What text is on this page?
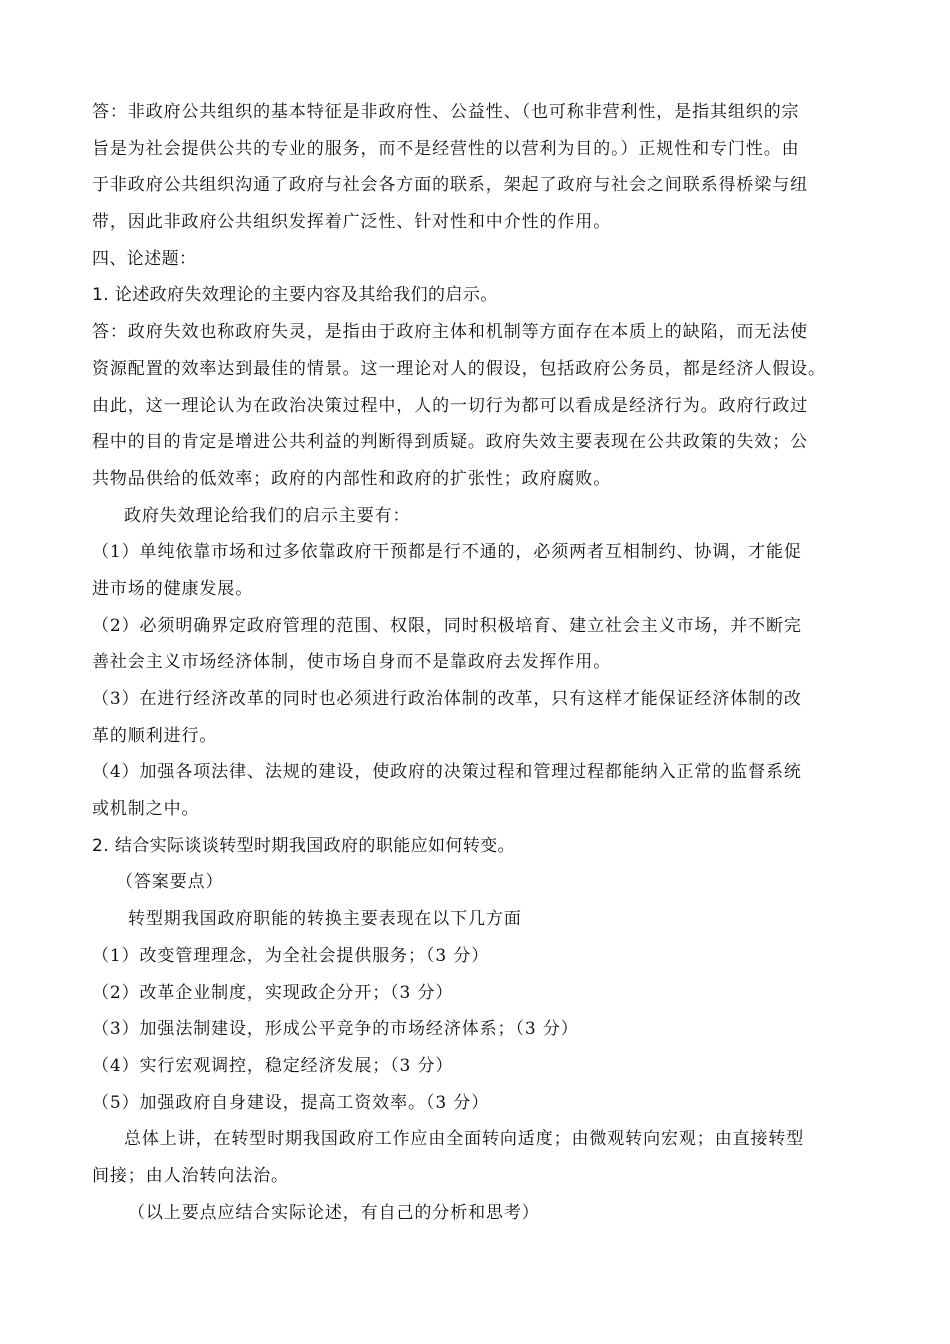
答：非政府公共组织的基本特征是非政府性、公益性、（也可称非营利性，是指其组织的宗
旨是为社会提供公共的专业的服务，而不是经营性的以营利为目的。）正规性和专门性。由
于非政府公共组织沟通了政府与社会各方面的联系，架起了政府与社会之间联系得桥梁与纽
带，因此非政府公共组织发挥着广泛性、针对性和中介性的作用。
四、论述题：
1. 论述政府失效理论的主要内容及其给我们的启示。
答：政府失效也称政府失灵，是指由于政府主体和机制等方面存在本质上的缺陷，而无法使
资源配置的效率达到最佳的情景。这一理论对人的假设，包括政府公务员，都是经济人假设。
由此，这一理论认为在政治决策过程中，人的一切行为都可以看成是经济行为。政府行政过
程中的目的肯定是增进公共利益的判断得到质疑。政府失效主要表现在公共政策的失效；公
共物品供给的低效率；政府的内部性和政府的扩张性；政府腐败。
政府失效理论给我们的启示主要有：
（1）单纯依靠市场和过多依靠政府干预都是行不通的，必须两者互相制约、协调，才能促
进市场的健康发展。
（2）必须明确界定政府管理的范围、权限，同时积极培育、建立社会主义市场，并不断完
善社会主义市场经济体制，使市场自身而不是靠政府去发挥作用。
（3）在进行经济改革的同时也必须进行政治体制的改革，只有这样才能保证经济体制的改
革的顺利进行。
（4）加强各项法律、法规的建设，使政府的决策过程和管理过程都能纳入正常的监督系统
或机制之中。
2. 结合实际谈谈转型时期我国政府的职能应如何转变。
（答案要点）
转型期我国政府职能的转换主要表现在以下几方面
（1）改变管理理念，为全社会提供服务；（3 分）
（2）改革企业制度，实现政企分开；（3 分）
（3）加强法制建设，形成公平竞争的市场经济体系；（3 分）
（4）实行宏观调控，稳定经济发展；（3 分）
（5）加强政府自身建设，提高工资效率。（3 分）
总体上讲，在转型时期我国政府工作应由全面转向适度；由微观转向宏观；由直接转型
间接；由人治转向法治。
（以上要点应结合实际论述，有自己的分析和思考）
